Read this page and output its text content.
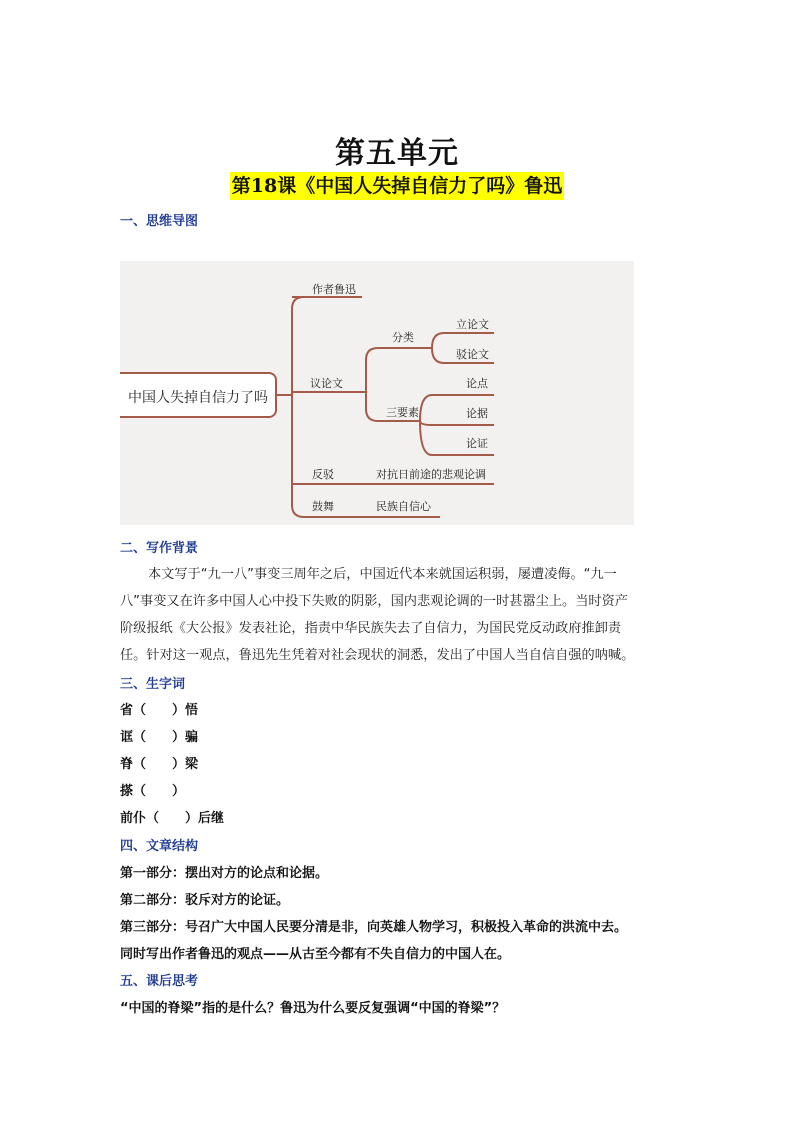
第五单元
第18课《中国人失掉自信力了吗》鲁迅
一、思维导图
中国人失掉自信力了吗
作者鲁迅
议论文
分类
立论文
驳论文
三要素
论点
论据
论证
反驳	对抗日前途的悲观论调
鼓舞	民族自信心
二、写作背景
本文写于“九一八”事变三周年之后，中国近代本来就国运积弱，屡遭凌侮。“九一
八”事变又在许多中国人心中投下失败的阴影，国内悲观论调的一时甚嚣尘上。当时资产
阶级报纸《大公报》发表社论，指责中华民族失去了自信力，为国民党反动政府推卸责
任。针对这一观点，鲁迅先生凭着对社会现状的洞悉，发出了中国人当自信自强的呐喊。
三、生字词
省（　　）悟
诓（　　）骗
脊（　　）梁
搽（　　）
前仆（　　）后继
四、文章结构
第一部分：摆出对方的论点和论据。
第二部分：驳斥对方的论证。
第三部分：号召广大中国人民要分清是非，向英雄人物学习，积极投入革命的洪流中去。
同时写出作者鲁迅的观点——从古至今都有不失自信力的中国人在。
五、课后思考
“中国的脊梁”指的是什么？鲁迅为什么要反复强调“中国的脊梁”？
